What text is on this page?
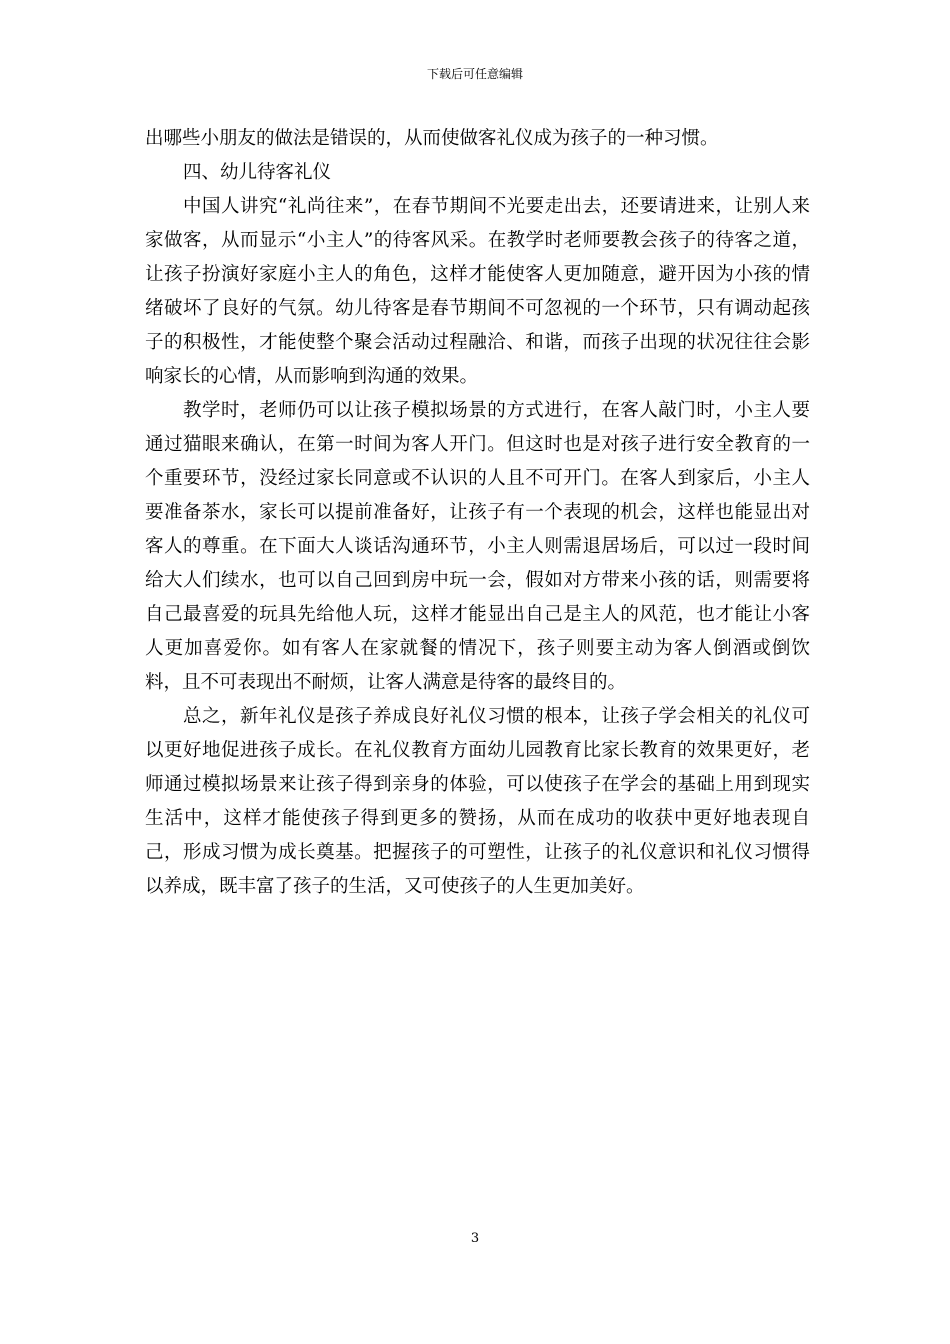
下载后可任意编辑

出哪些小朋友的做法是错误的，从而使做客礼仪成为孩子的一种习惯。

四、幼儿待客礼仪

中国人讲究“礼尚往来”，在春节期间不光要走出去，还要请进来，让别人来家做客，从而显示“小主人”的待客风采。在教学时老师要教会孩子的待客之道，让孩子扮演好家庭小主人的角色，这样才能使客人更加随意，避开因为小孩的情绪破坏了良好的气氛。幼儿待客是春节期间不可忽视的一个环节，只有调动起孩子的积极性，才能使整个聚会活动过程融洽、和谐，而孩子出现的状况往往会影响家长的心情，从而影响到沟通的效果。

教学时，老师仍可以让孩子模拟场景的方式进行，在客人敲门时，小主人要通过猫眼来确认，在第一时间为客人开门。但这时也是对孩子进行安全教育的一个重要环节，没经过家长同意或不认识的人且不可开门。在客人到家后，小主人要准备茶水，家长可以提前准备好，让孩子有一个表现的机会，这样也能显出对客人的尊重。在下面大人谈话沟通环节，小主人则需退居场后，可以过一段时间给大人们续水，也可以自己回到房中玩一会，假如对方带来小孩的话，则需要将自己最喜爱的玩具先给他人玩，这样才能显出自己是主人的风范，也才能让小客人更加喜爱你。如有客人在家就餐的情况下，孩子则要主动为客人倒酒或倒饮料，且不可表现出不耐烦，让客人满意是待客的最终目的。

总之，新年礼仪是孩子养成良好礼仪习惯的根本，让孩子学会相关的礼仪可以更好地促进孩子成长。在礼仪教育方面幼儿园教育比家长教育的效果更好，老师通过模拟场景来让孩子得到亲身的体验，可以使孩子在学会的基础上用到现实生活中，这样才能使孩子得到更多的赞扬，从而在成功的收获中更好地表现自己，形成习惯为成长奠基。把握孩子的可塑性，让孩子的礼仪意识和礼仪习惯得以养成，既丰富了孩子的生活，又可使孩子的人生更加美好。

3
